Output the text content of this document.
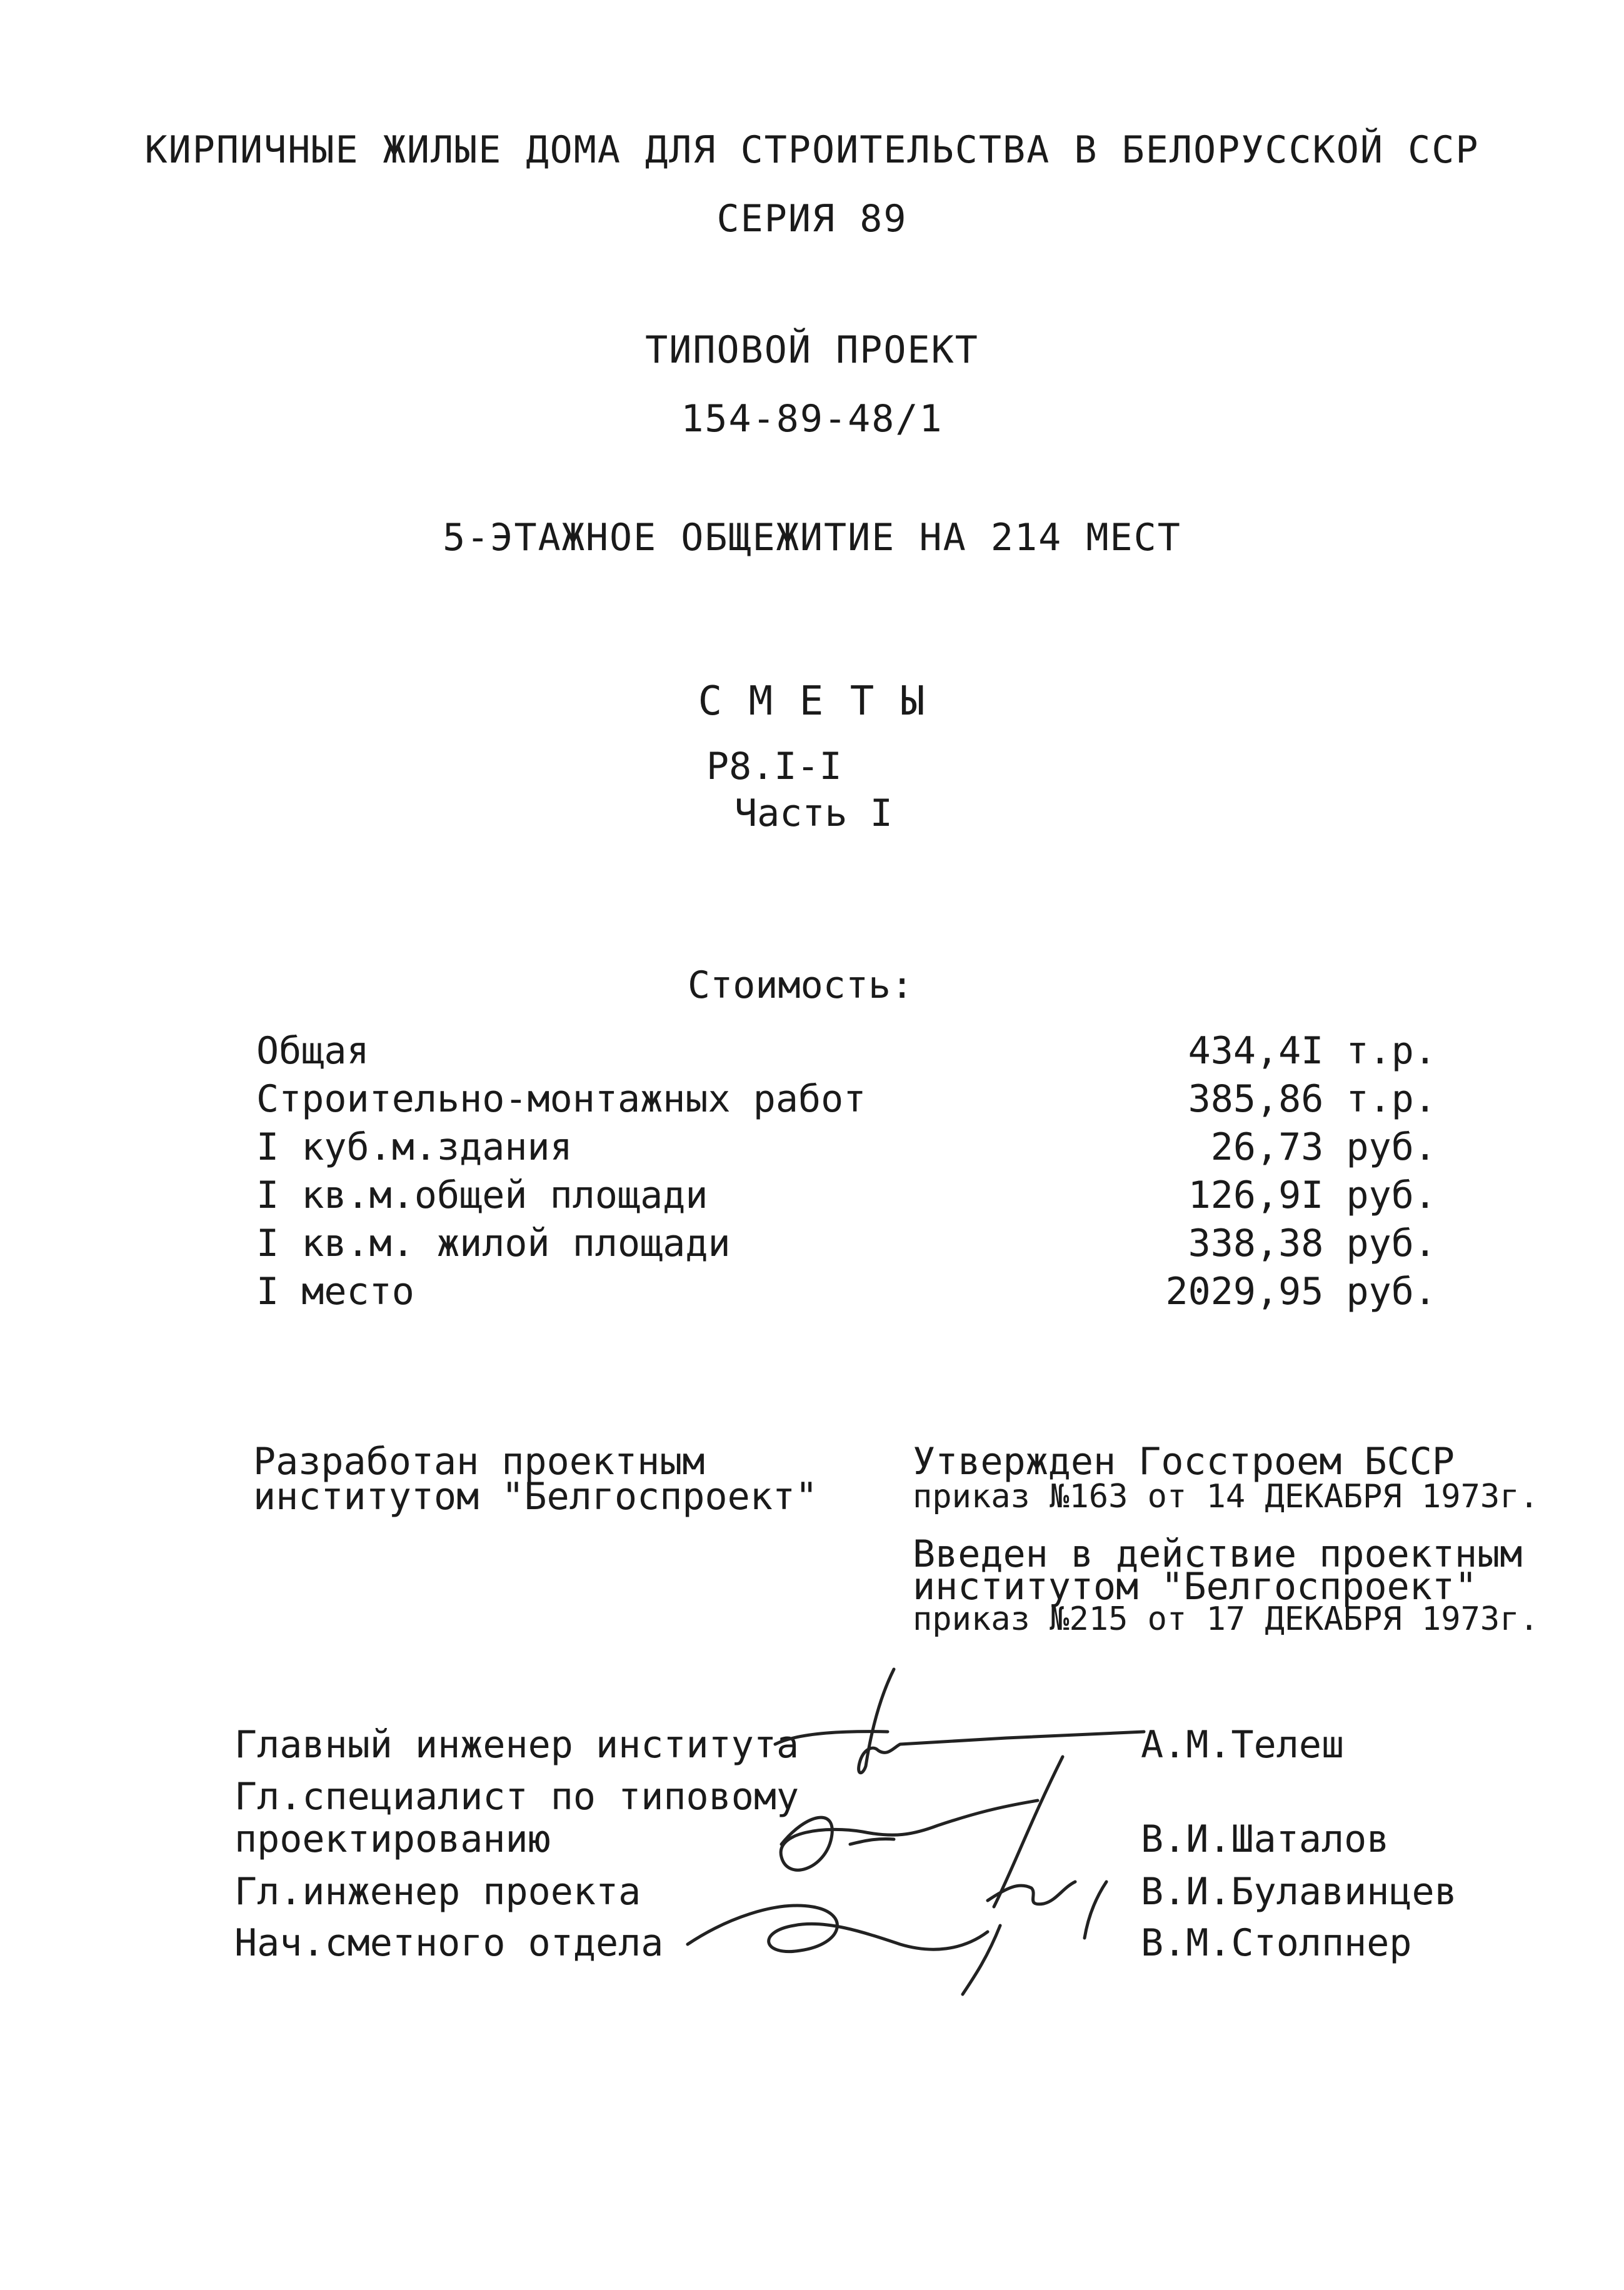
КИРПИЧНЫЕ ЖИЛЫЕ ДОМА ДЛЯ СТРОИТЕЛЬСТВА В БЕЛОРУССКОЙ ССР
СЕРИЯ 89
ТИПОВОЙ ПРОЕКТ
154-89-48/1
5-ЭТАЖНОЕ ОБЩЕЖИТИЕ НА 214 МЕСТ
С М Е Т Ы
Р8.I-I
Часть I
Стоимость:
Общая	434,4I т.р.
Строительно-монтажных работ	385,86 т.р.
I куб.м.здания	26,73 руб.
I кв.м.общей площади	126,9I руб.
I кв.м. жилой площади	338,38 руб.
I место	2029,95 руб.
Разработан проектным
институтом "Белгоспроект"
Утвержден Госстроем БССР
приказ №163 от 14 ДЕКАБРЯ 1973г.
Введен в действие проектным
институтом "Белгоспроект"
приказ №215 от 17 ДЕКАБРЯ 1973г.
Главный инженер института	А.М.Телеш
Гл.специалист по типовому
проектированию	В.И.Шаталов
Гл.инженер проекта	В.И.Булавинцев
Нач.сметного отдела	В.М.Столпнер
